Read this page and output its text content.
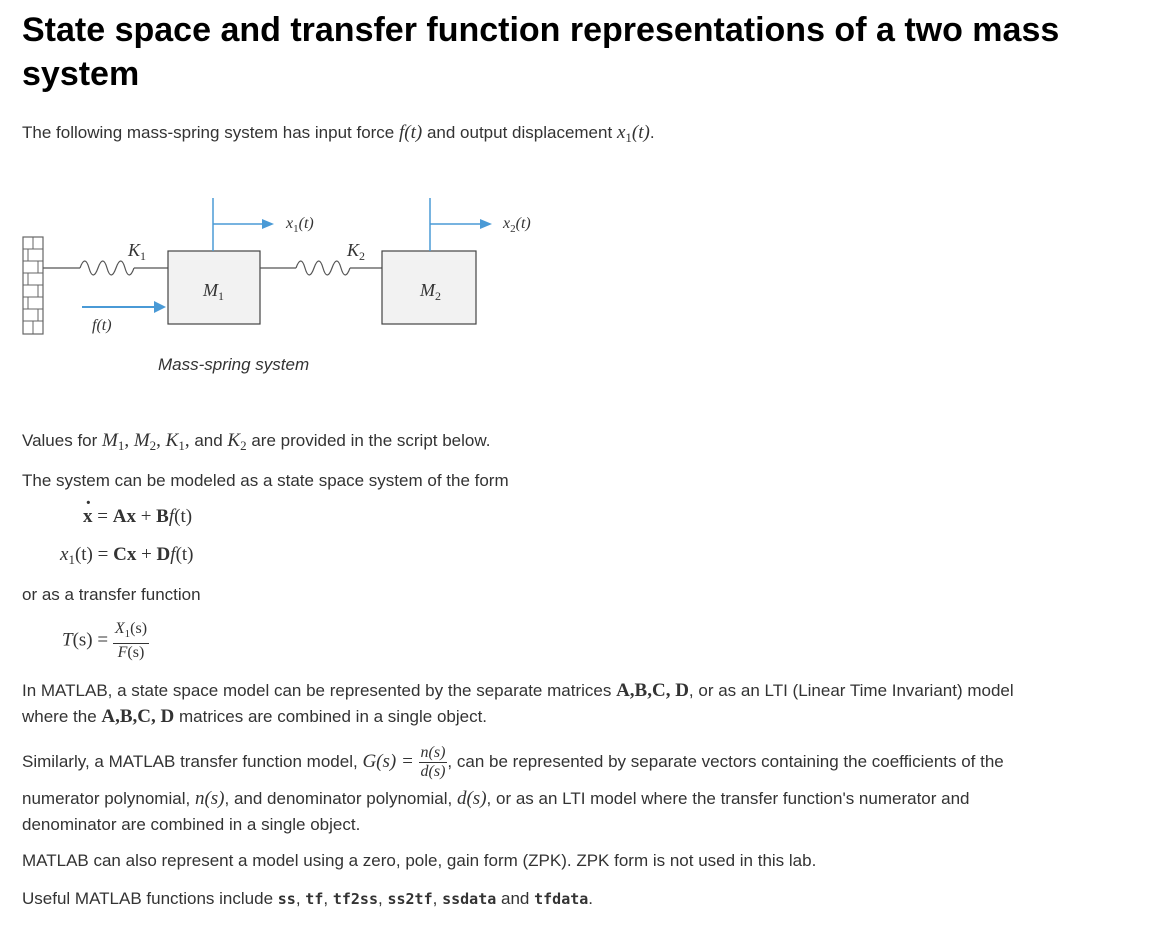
State space and transfer function representations of a two mass system

The following mass-spring system has input force f(t) and output displacement $x_1(t)$.

$K_1$
$M_1$
f(t)
$x_1(t)$
$K_2$
$M_2$
$x_2(t)$
Mass-spring system

Values for $M_1$, $M_2$, $K_1$, and $K_2$ are provided in the script below.

The system can be modeled as a state space system of the form

· x = Ax + Bf(t)
$x_1(t) = Cx + Df(t)$

or as a transfer function

$T(s) = \frac{X_1(s)}{F(s)}$

In MATLAB, a state space model can be represented by the separate matrices A,B,C, D, or as an LTI (Linear Time Invariant) model

where the A,B,C, D matrices are combined in a single object.

Similarly, a MATLAB transfer function model, $G(s) = \frac{n(s)}{d(s)}$ , can be represented by separate vectors containing the coefficients of the

numerator polynomial, n(s), and denominator polynomial, d(s), or as an LTI model where the transfer function's numerator and

denominator are combined in a single object.

MATLAB can also represent a model using a zero, pole, gain form (ZPK). ZPK form is not used in this lab.

Useful MATLAB functions include ss, tf, tf2ss, ss2tf, ssdata and tfdata.
